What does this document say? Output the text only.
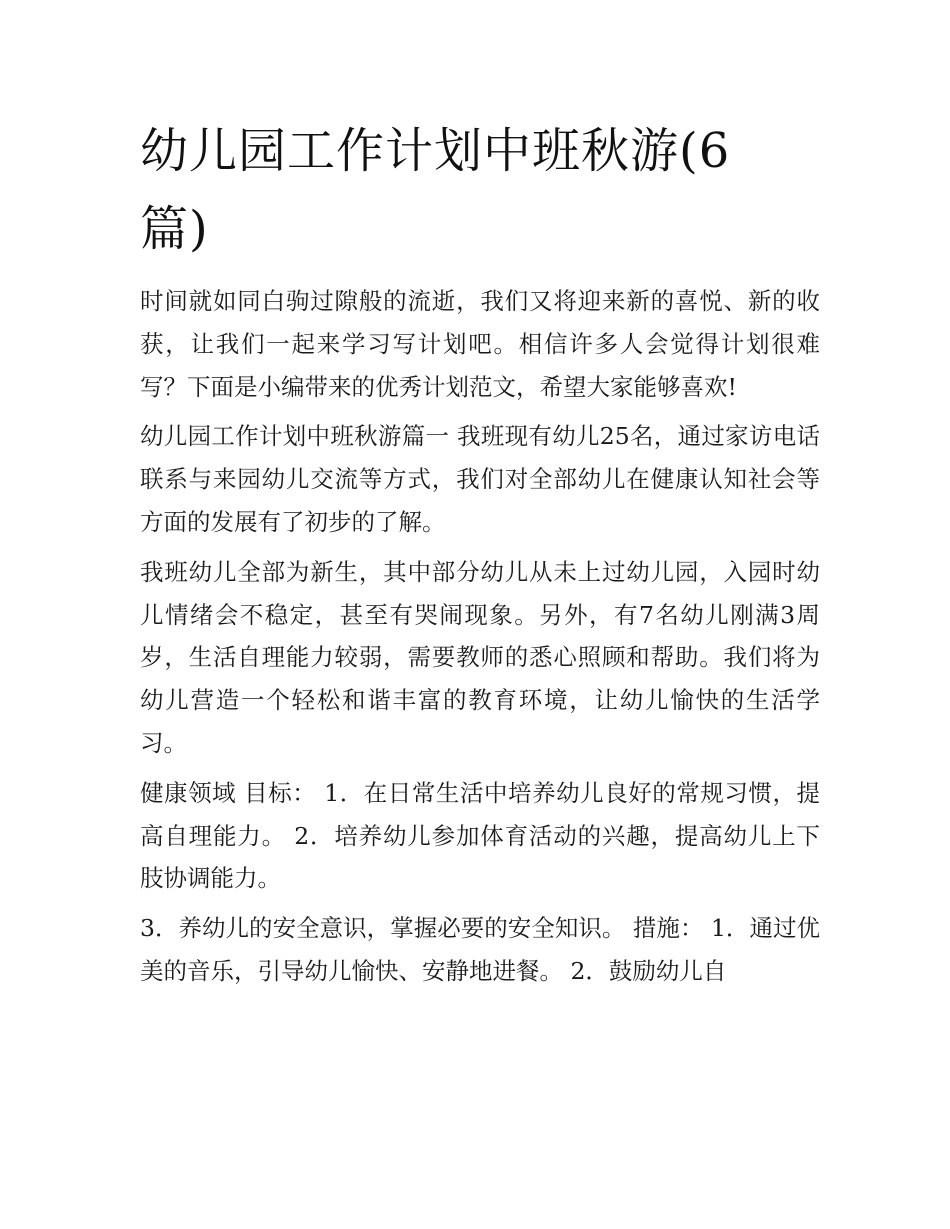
幼儿园工作计划中班秋游(6篇)

时间就如同白驹过隙般的流逝，我们又将迎来新的喜悦、新的收获，让我们一起来学习写计划吧。相信许多人会觉得计划很难写？下面是小编带来的优秀计划范文，希望大家能够喜欢!

幼儿园工作计划中班秋游篇一 我班现有幼儿25名，通过家访电话联系与来园幼儿交流等方式，我们对全部幼儿在健康认知社会等方面的发展有了初步的了解。

我班幼儿全部为新生，其中部分幼儿从未上过幼儿园，入园时幼儿情绪会不稳定，甚至有哭闹现象。另外，有7名幼儿刚满3周岁，生活自理能力较弱，需要教师的悉心照顾和帮助。我们将为幼儿营造一个轻松和谐丰富的教育环境，让幼儿愉快的生活学习。

健康领域 目标： 1．在日常生活中培养幼儿良好的常规习惯，提高自理能力。 2．培养幼儿参加体育活动的兴趣，提高幼儿上下肢协调能力。

3．养幼儿的安全意识，掌握必要的安全知识。 措施： 1．通过优美的音乐，引导幼儿愉快、安静地进餐。 2．鼓励幼儿自
